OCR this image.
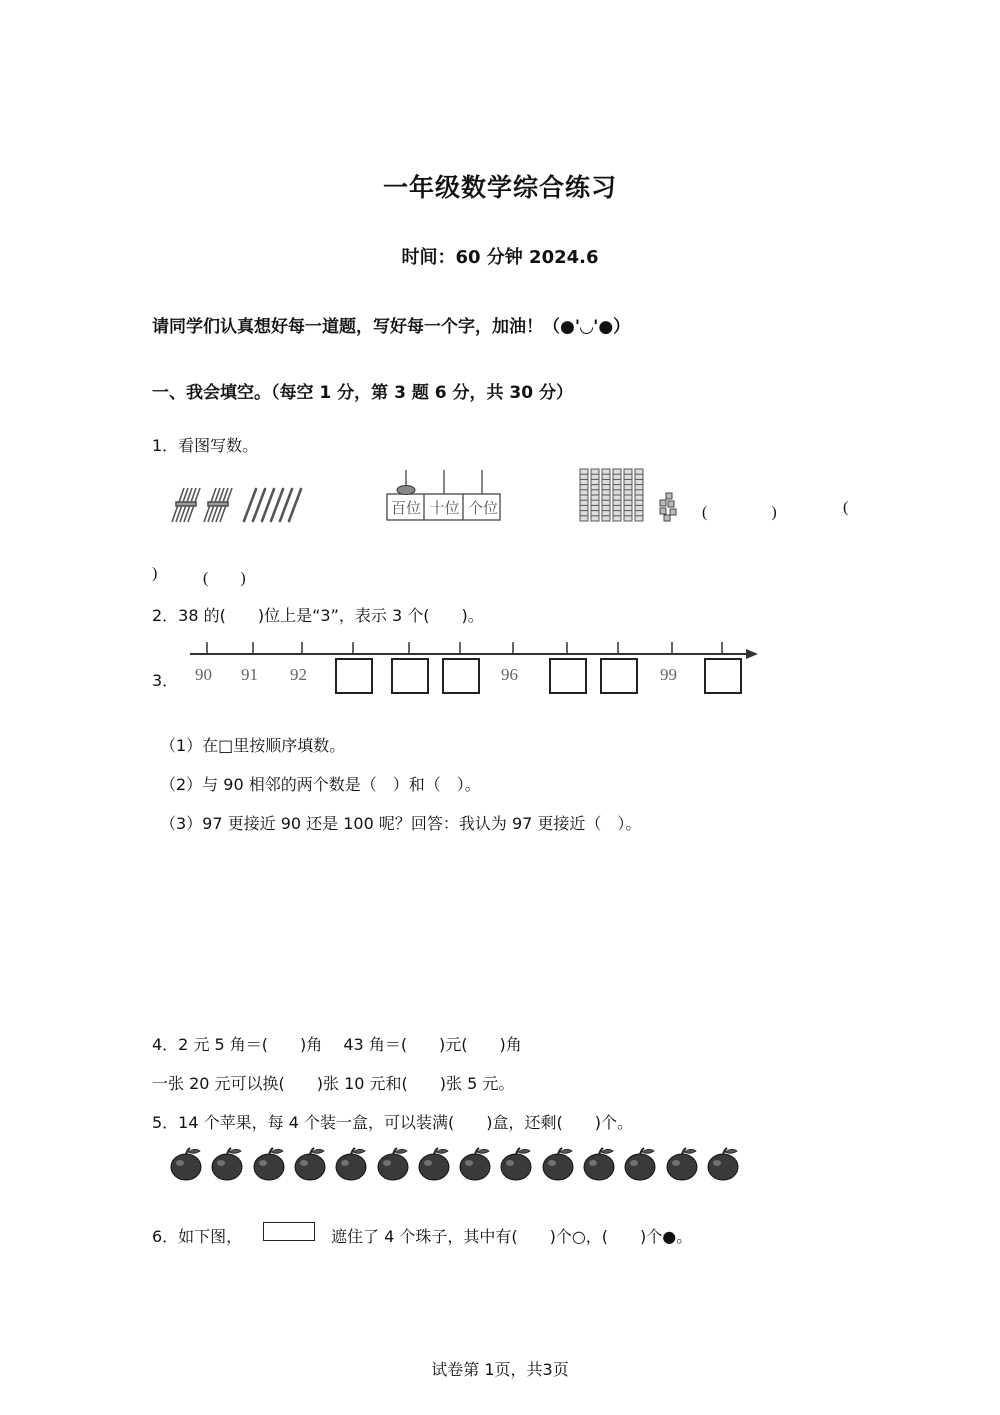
一年级数学综合练习
时间：60 分钟 2024.6
请同学们认真想好每一道题，写好每一个字，加油！（●'◡'●）
一、我会填空。（每空 1 分，第 3 题 6 分，共 30 分）
1．看图写数。
百位 十位 个位	(　　　　)	(
)	(　　)
2．38 的(　　)位上是“3”，表示 3 个(　　)。
3． 90 91 92	96	99
（1）在□里按顺序填数。
（2）与 90 相邻的两个数是（　）和（　）。
（3）97 更接近 90 还是 100 呢？回答：我认为 97 更接近（　）。
4．2 元 5 角＝(　　)角　 43 角＝(　　)元(　　)角
一张 20 元可以换(　　)张 10 元和(　　)张 5 元。
5．14 个苹果，每 4 个装一盒，可以装满(　　)盒，还剩(　　)个。
6．如下图，	遮住了 4 个珠子，其中有(　　)个○，(　　)个●。
试卷第 1页，共3页
